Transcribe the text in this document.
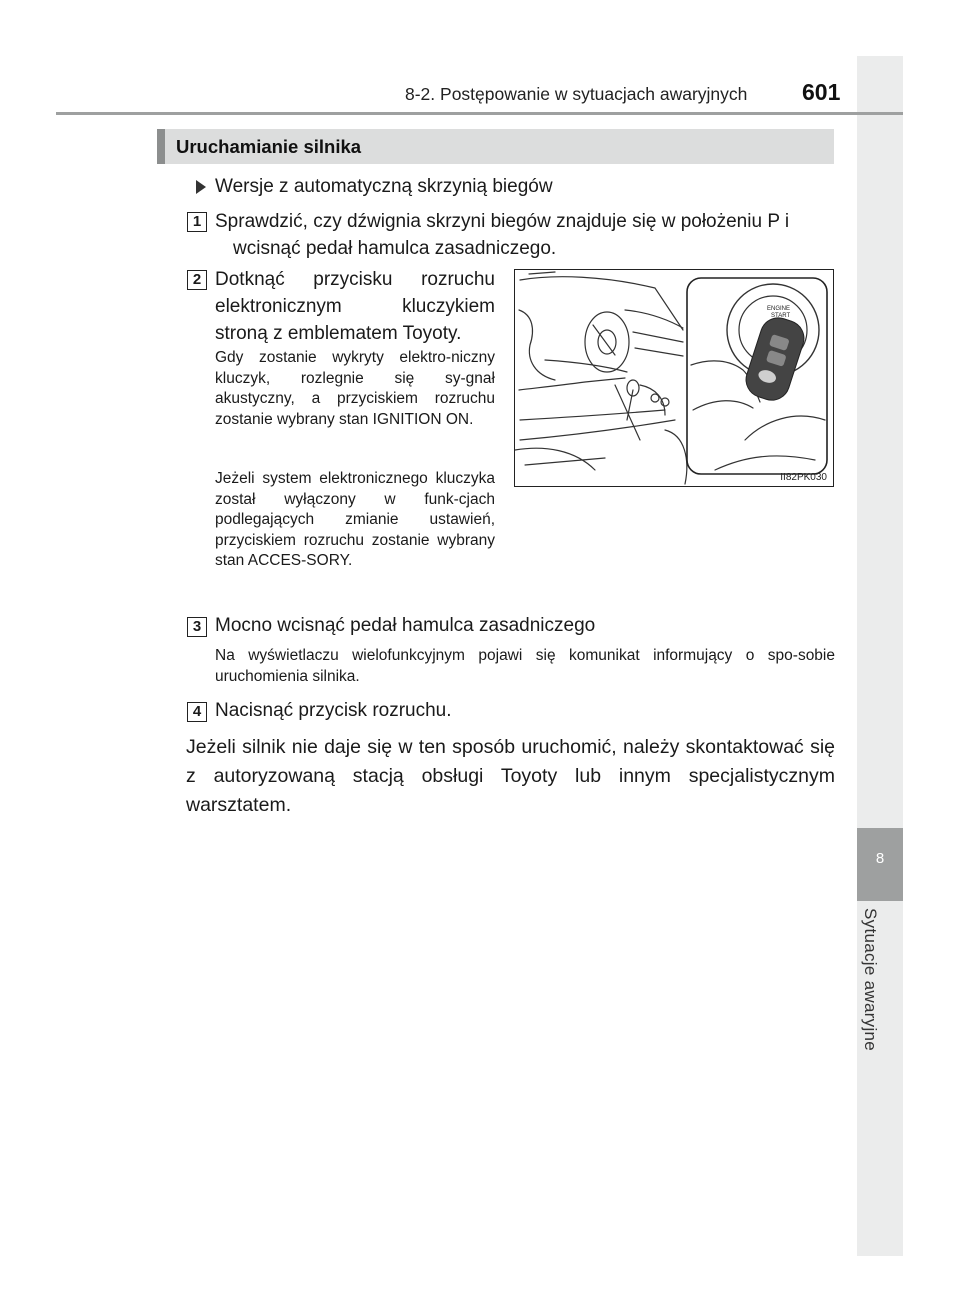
8
Sytuacje awaryjne
8-2. Postępowanie w sytuacjach awaryjnych 601
Uruchamianie silnika
Wersje z automatyczną skrzynią biegów
1 Sprawdzić, czy dźwignia skrzyni biegów znajduje się w położeniu P i wcisnąć pedał hamulca zasadniczego.
2 Dotknąć przycisku rozruchu elektronicznym kluczykiem stroną z emblematem Toyoty.
Gdy zostanie wykryty elektro-niczny kluczyk, rozlegnie się sy-gnał akustyczny, a przyciskiem rozruchu zostanie wybrany stan IGNITION ON.
Jeżeli system elektronicznego kluczyka został wyłączony w funk-cjach podlegających zmianie ustawień, przyciskiem rozruchu zostanie wybrany stan ACCES-SORY.
ENGINE
START
II82PK030
3 Mocno wcisnąć pedał hamulca zasadniczego
Na wyświetlaczu wielofunkcyjnym pojawi się komunikat informujący o spo-sobie uruchomienia silnika.
4 Nacisnąć przycisk rozruchu.
Jeżeli silnik nie daje się w ten sposób uruchomić, należy skontaktować się z autoryzowaną stacją obsługi Toyoty lub innym specjalistycznym warsztatem.
